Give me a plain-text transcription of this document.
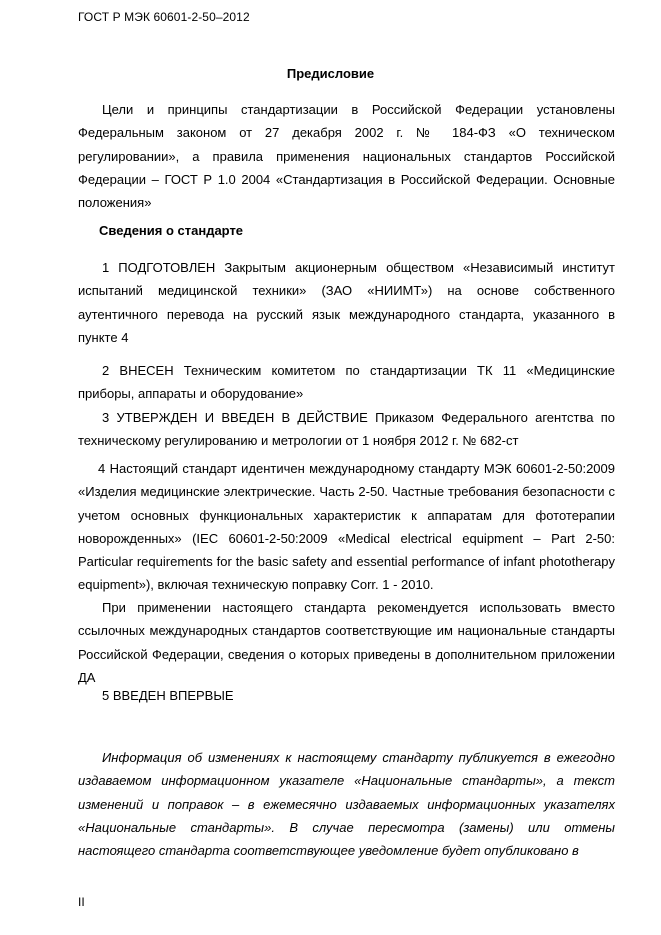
ГОСТ Р МЭК 60601-2-50–2012
Предисловие
Цели и принципы стандартизации в Российской Федерации установлены Федеральным законом от 27 декабря 2002 г. № 184-ФЗ «О техническом регулировании», а правила применения национальных стандартов Российской Федерации – ГОСТ Р 1.0 2004 «Стандартизация в Российской Федерации. Основные положения»
Сведения о стандарте
1 ПОДГОТОВЛЕН Закрытым акционерным обществом «Независимый институт испытаний медицинской техники» (ЗАО «НИИМТ») на основе собственного аутентичного перевода на русский язык международного стандарта, указанного в пункте 4
2 ВНЕСЕН Техническим комитетом по стандартизации ТК 11 «Медицинские приборы, аппараты и оборудование»
3 УТВЕРЖДЕН И ВВЕДЕН В ДЕЙСТВИЕ Приказом Федерального агентства по техническому регулированию и метрологии от 1 ноября 2012 г. № 682-ст
4 Настоящий стандарт идентичен международному стандарту МЭК 60601-2-50:2009 «Изделия медицинские электрические. Часть 2-50. Частные требования безопасности с учетом основных функциональных характеристик к аппаратам для фототерапии новорожденных» (IEC 60601-2-50:2009 «Medical electrical equipment – Part 2-50: Particular requirements for the basic safety and essential performance of infant phototherapy equipment»), включая техническую поправку Corr. 1 - 2010.
При применении настоящего стандарта рекомендуется использовать вместо ссылочных международных стандартов соответствующие им национальные стандарты Российской Федерации, сведения о которых приведены в дополнительном приложении ДА
5 ВВЕДЕН ВПЕРВЫЕ
Информация об изменениях к настоящему стандарту публикуется в ежегодно издаваемом информационном указателе «Национальные стандарты», а текст изменений и поправок – в ежемесячно издаваемых информационных указателях «Национальные стандарты». В случае пересмотра (замены) или отмены настоящего стандарта соответствующее уведомление будет опубликовано в
II
